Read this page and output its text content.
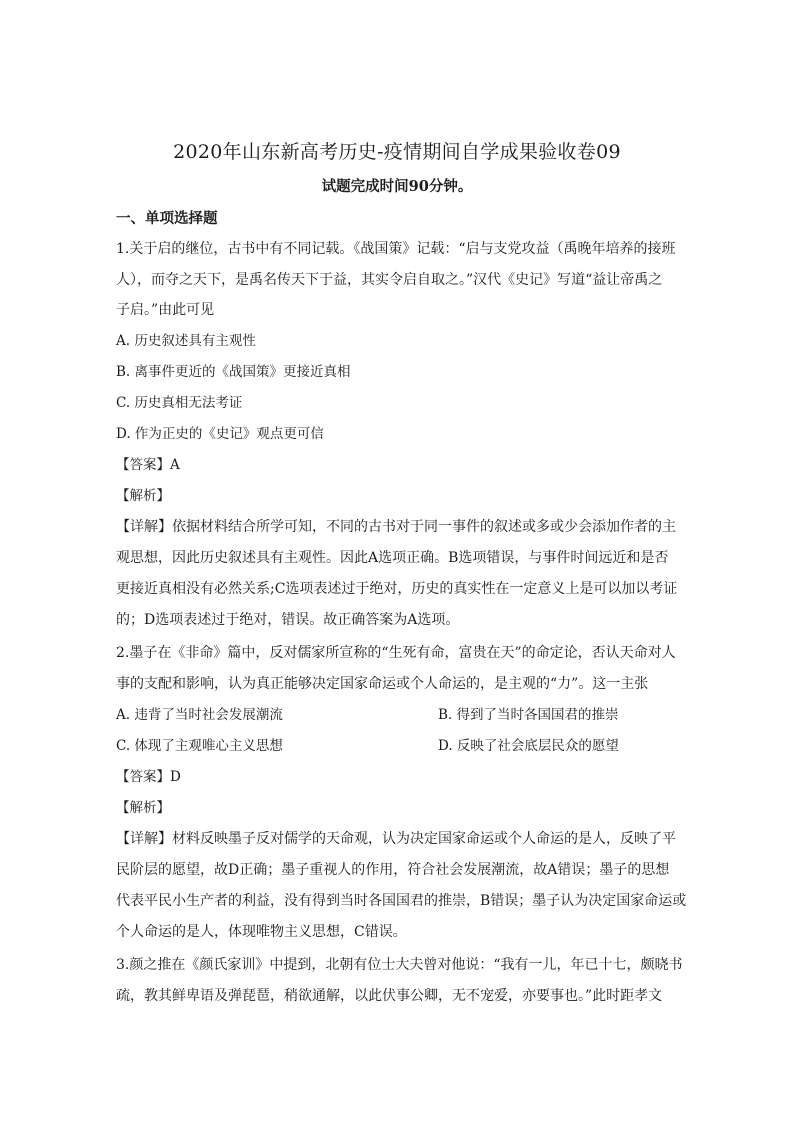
2020年山东新高考历史-疫情期间自学成果验收卷09
试题完成时间90分钟。
一、单项选择题
1.关于启的继位，古书中有不同记载。《战国策》记载：“启与支党攻益（禹晚年培养的接班
人），而夺之天下，是禹名传天下于益，其实令启自取之。”汉代《史记》写道“益让帝禹之
子启。”由此可见
A. 历史叙述具有主观性
B. 离事件更近的《战国策》更接近真相
C. 历史真相无法考证
D. 作为正史的《史记》观点更可信
【答案】A
【解析】
【详解】依据材料结合所学可知，不同的古书对于同一事件的叙述或多或少会添加作者的主
观思想，因此历史叙述具有主观性。因此A选项正确。B选项错误，与事件时间远近和是否
更接近真相没有必然关系;C选项表述过于绝对，历史的真实性在一定意义上是可以加以考证
的；D选项表述过于绝对，错误。故正确答案为A选项。
2.墨子在《非命》篇中，反对儒家所宣称的“生死有命，富贵在天”的命定论，否认天命对人
事的支配和影响，认为真正能够决定国家命运或个人命运的，是主观的“力”。这一主张
A. 违背了当时社会发展潮流	B. 得到了当时各国国君的推崇
C. 体现了主观唯心主义思想	D. 反映了社会底层民众的愿望
【答案】D
【解析】
【详解】材料反映墨子反对儒学的天命观，认为决定国家命运或个人命运的是人，反映了平
民阶层的愿望，故D正确；墨子重视人的作用，符合社会发展潮流，故A错误；墨子的思想
代表平民小生产者的利益，没有得到当时各国国君的推崇，B错误；墨子认为决定国家命运或
个人命运的是人，体现唯物主义思想，C错误。
3.颜之推在《颜氏家训》中提到，北朝有位士大夫曾对他说：“我有一儿，年已十七，颇晓书
疏，教其鲜卑语及弹琵琶，稍欲通解，以此伏事公卿，无不宠爱，亦要事也。”此时距孝文
